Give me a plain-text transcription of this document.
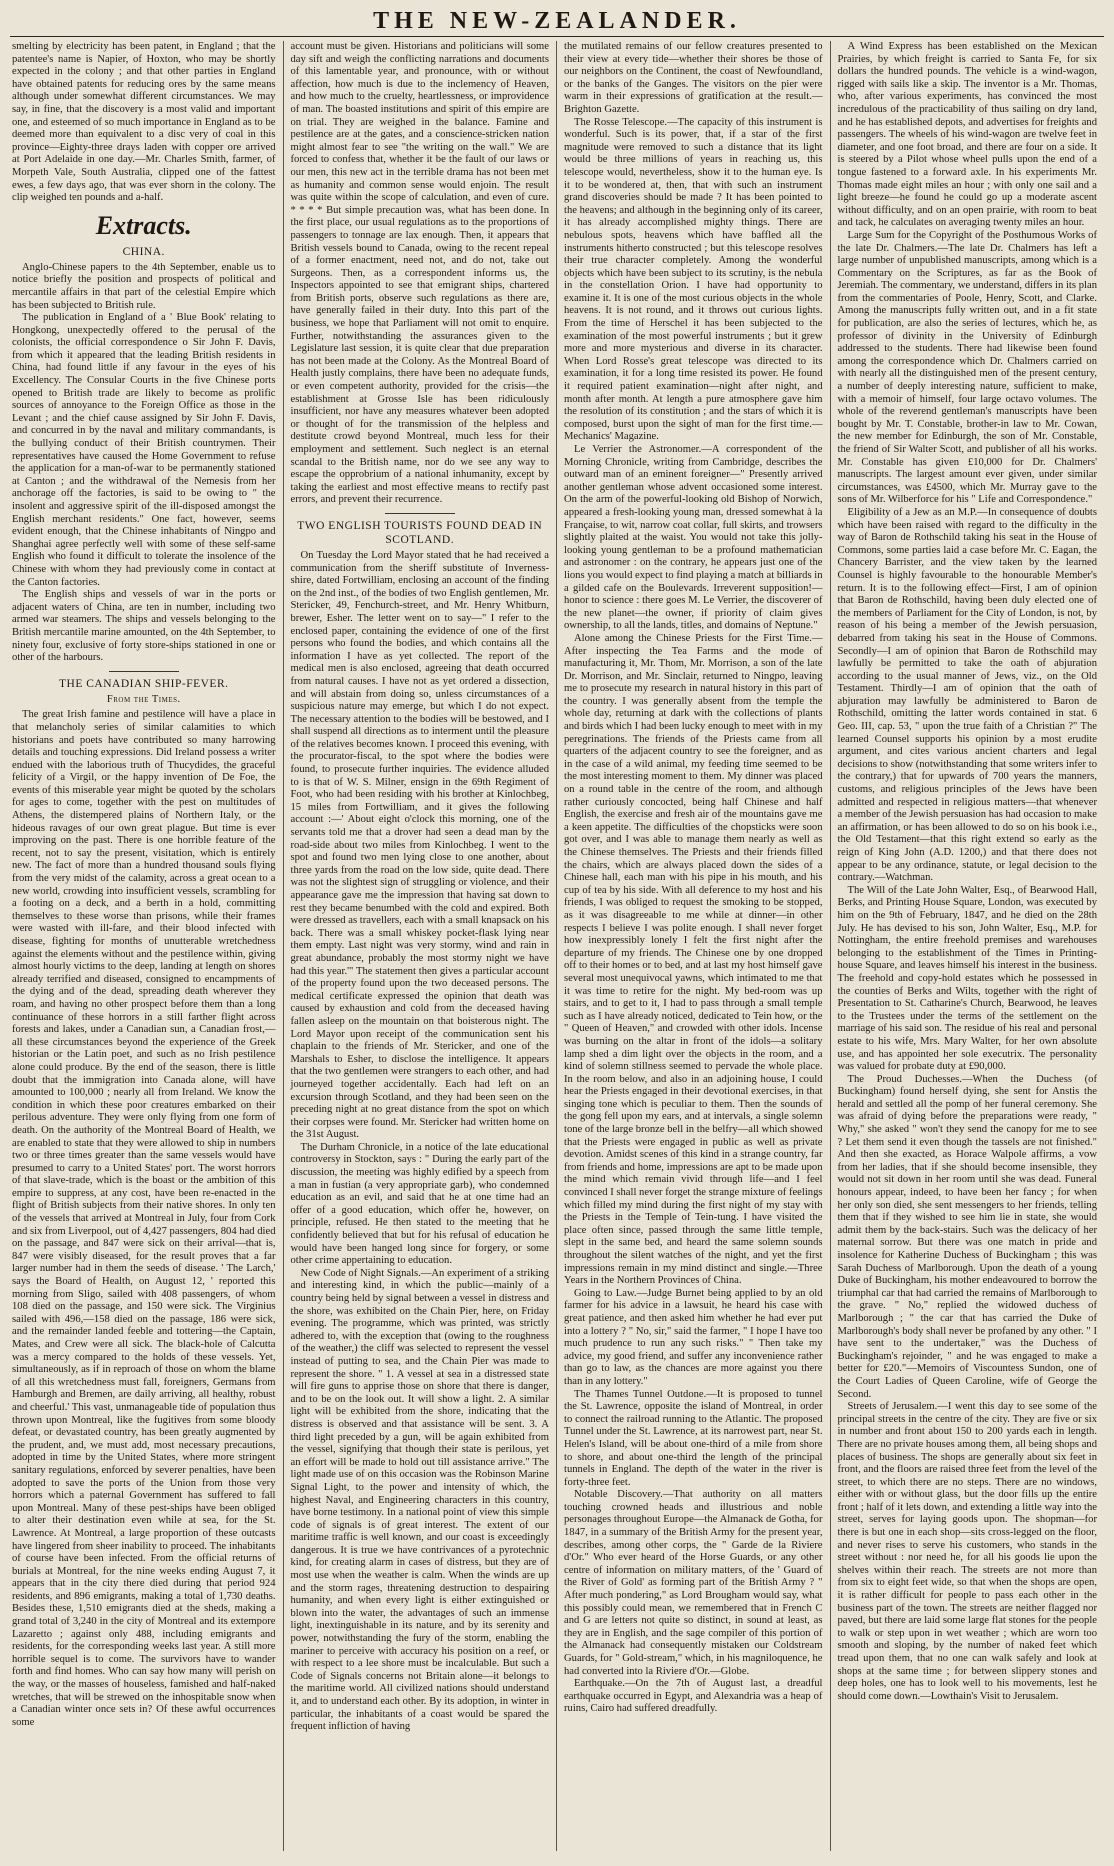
THE NEW-ZEALANDER.

smelting by electricity has been patent, in England ; that the patentee's name is Napier, of Hoxton, who may be shortly expected in the colony ; and that other parties in England have obtained patents for reducing ores by the same means although under somewhat different circumstances. We may say, in fine, that the discovery is a most valid and important one, and esteemed of so much importance in England as to be deemed more than equivalent to a disc very of coal in this province—Eighty-three drays laden with copper ore arrived at Port Adelaide in one day.—Mr. Charles Smith, farmer, of Morpeth Vale, South Australia, clipped one of the fattest ewes, a few days ago, that was ever shorn in the colony. The clip weighed ten pounds and a-half.

Extracts.
CHINA.

Anglo-Chinese papers to the 4th September, enable us to notice briefly the position and prospects of political and mercantile affairs in that part of the celestial Empire which has been subjected to British rule.

The publication in England of a ' Blue Book' relating to Hongkong, unexpectedly offered to the perusal of the colonists, the official correspondence o Sir John F. Davis, from which it appeared that the leading British residents in China, had found little if any favour in the eyes of his Excellency. The Consular Courts in the five Chinese ports opened to British trade are likely to become as prolific sources of annoyance to the Foreign Office as those in the Levant ; and the chief cause assigned by Sir John F. Davis, and concurred in by the naval and military commandants, is the bullying conduct of their British countrymen. Their representatives have caused the Home Government to refuse the application for a man-of-war to be permanently stationed at Canton ; and the withdrawal of the Nemesis from her anchorage off the factories, is said to be owing to " the insolent and aggressive spirit of the ill-disposed amongst the English merchant residents." One fact, however, seems evident enough, that the Chinese inhabitants of Ningpo and Shanghai agree perfectly well with some of these self-same English who found it difficult to tolerate the insolence of the Chinese with whom they had previously come in contact at the Canton factories.

The English ships and vessels of war in the ports or adjacent waters of China, are ten in number, including two armed war steamers. The ships and vessels belonging to the British mercantile marine amounted, on the 4th September, to ninety four, exclusive of forty store-ships stationed in one or other of the harbours.

THE CANADIAN SHIP-FEVER.
From the Times.

The great Irish famine and pestilence will have a place in that melancholy series of similar calamities to which historians and poets have contributed so many harrowing details and touching expressions. Did Ireland possess a writer endued with the laborious truth of Thucydides, the graceful felicity of a Virgil, or the happy invention of De Foe, the events of this miserable year might be quoted by the scholars for ages to come, together with the pest on multitudes of Athens, the distempered plains of Northern Italy, or the hideous ravages of our own great plague. But time is ever improving on the past. There is one horrible feature of the recent, not to say the present, visitation, which is entirely new. The fact of more than a hundred thousand souls flying from the very midst of the calamity, across a great ocean to a new world, crowding into insufficient vessels, scrambling for a footing on a deck, and a berth in a hold, committing themselves to these worse than prisons, while their frames were wasted with ill-fare, and their blood infected with disease, fighting for months of unutterable wretchedness against the elements without and the pestilence within, giving almost hourly victims to the deep, landing at length on shores already terrified and diseased, consigned to encampments of the dying and of the dead, spreading death wherever they roam, and having no other prospect before them than a long continuance of these horrors in a still farther flight across forests and lakes, under a Canadian sun, a Canadian frost,—all these circumstances beyond the experience of the Greek historian or the Latin poet, and such as no Irish pestilence alone could produce. By the end of the season, there is little doubt that the immigration into Canada alone, will have amounted to 100,000 ; nearly all from Ireland. We know the condition in which these poor creatures embarked on their perilous adventure. They were only flying from one form of death. On the authority of the Montreal Board of Health, we are enabled to state that they were allowed to ship in numbers two or three times greater than the same vessels would have presumed to carry to a United States' port. The worst horrors of that slave-trade, which is the boast or the ambition of this empire to suppress, at any cost, have been re-enacted in the flight of British subjects from their native shores. In only ten of the vessels that arrived at Montreal in July, four from Cork and six from Liverpool, out of 4,427 passengers, 804 had died on the passage, and 847 were sick on their arrival—that is, 847 were visibly diseased, for the result proves that a far larger number had in them the seeds of disease. ' The Larch,' says the Board of Health, on August 12, ' reported this morning from Sligo, sailed with 408 passengers, of whom 108 died on the passage, and 150 were sick. The Virginius sailed with 496,—158 died on the passage, 186 were sick, and the remainder landed feeble and tottering—the Captain, Mates, and Crew were all sick. The black-hole of Calcutta was a mercy compared to the holds of these vessels. Yet, simultaneously, as if in reproach of those on whom the blame of all this wretchedness must fall, foreigners, Germans from Hamburgh and Bremen, are daily arriving, all healthy, robust and cheerful.' This vast, unmanageable tide of population thus thrown upon Montreal, like the fugitives from some bloody defeat, or devastated country, has been greatly augmented by the prudent, and, we must add, most necessary precautions, adopted in time by the United States, where more stringent sanitary regulations, enforced by severer penalties, have been adopted to save the ports of the Union from those very horrors which a paternal Government has suffered to fall upon Montreal. Many of these pest-ships have been obliged to alter their destination even while at sea, for the St. Lawrence. At Montreal, a large proportion of these outcasts have lingered from sheer inability to proceed. The inhabitants of course have been infected. From the official returns of burials at Montreal, for the nine weeks ending August 7, it appears that in the city there died during that period 924 residents, and 896 emigrants, making a total of 1,730 deaths. Besides these, 1,510 emigrants died at the sheds, making a grand total of 3,240 in the city of Montreal and its extempore Lazaretto ; against only 488, including emigrants and residents, for the corresponding weeks last year. A still more horrible sequel is to come. The survivors have to wander forth and find homes. Who can say how many will perish on the way, or the masses of houseless, famished and half-naked wretches, that will be strewed on the inhospitable snow when a Canadian winter once sets in? Of these awful occurrences some

account must be given. Historians and politicians will some day sift and weigh the conflicting narrations and documents of this lamentable year, and pronounce, with or without affection, how much is due to the inclemency of Heaven, and how much to the cruelty, heartlessness, or improvidence of man. The boasted institutions and spirit of this empire are on trial. They are weighed in the balance. Famine and pestilence are at the gates, and a conscience-stricken nation might almost fear to see "the writing on the wall." We are forced to confess that, whether it be the fault of our laws or our men, this new act in the terrible drama has not been met as humanity and common sense would enjoin. The result was quite within the scope of calculation, and even of cure. * * * * But simple precaution was, what has been done. In the first place, our usual regulations as to the proportions of passengers to tonnage are lax enough. Then, it appears that British vessels bound to Canada, owing to the recent repeal of a former enactment, need not, and do not, take out Surgeons. Then, as a correspondent informs us, the Inspectors appointed to see that emigrant ships, chartered from British ports, observe such regulations as there are, have generally failed in their duty. Into this part of the business, we hope that Parliament will not omit to enquire. Further, notwithstanding the assurances given to the Legislature last session, it is quite clear that due preparation has not been made at the Colony. As the Montreal Board of Health justly complains, there have been no adequate funds, or even competent authority, provided for the crisis—the establishment at Grosse Isle has been ridiculously insufficient, nor have any measures whatever been adopted or thought of for the transmission of the helpless and destitute crowd beyond Montreal, much less for their employment and settlement. Such neglect is an eternal scandal to the British name, nor do we see any way to escape the opprobrium of a national inhumanity, except by taking the earliest and most effective means to rectify past errors, and prevent their recurrence.

TWO ENGLISH TOURISTS FOUND DEAD IN SCOTLAND.

On Tuesday the Lord Mayor stated that he had received a communication from the sheriff substitute of Inverness-shire, dated Fortwilliam, enclosing an account of the finding on the 2nd inst., of the bodies of two English gentlemen, Mr. Stericker, 49, Fenchurch-street, and Mr. Henry Whitburn, brewer, Esher. The letter went on to say—" I refer to the enclosed paper, containing the evidence of one of the first persons who found the bodies, and which contains all the information I have as yet collected. The report of the medical men is also enclosed, agreeing that death occurred from natural causes. I have not as yet ordered a dissection, and will abstain from doing so, unless circumstances of a suspicious nature may emerge, but which I do not expect. The necessary attention to the bodies will be bestowed, and I shall suspend all directions as to interment until the pleasure of the relatives becomes known. I proceed this evening, with the procurator-fiscal, to the spot where the bodies were found, to prosecute further inquiries. The evidence alluded to is that of W. S. Milner, ensign in the 69th Regiment of Foot, who had been residing with his brother at Kinlochbeg, 15 miles from Fortwilliam, and it gives the following account :—' About eight o'clock this morning, one of the servants told me that a drover had seen a dead man by the road-side about two miles from Kinlochbeg. I went to the spot and found two men lying close to one another, about three yards from the road on the low side, quite dead. There was not the slightest sign of struggling or violence, and their appearance gave me the impression that having sat down to rest they became benumbed with the cold and expired. Both were dressed as travellers, each with a small knapsack on his back. There was a small whiskey pocket-flask lying near them empty. Last night was very stormy, wind and rain in great abundance, probably the most stormy night we have had this year.'" The statement then gives a particular account of the property found upon the two deceased persons. The medical certificate expressed the opinion that death was caused by exhaustion and cold from the deceased having fallen asleep on the mountain on that boisterous night. The Lord Mayor upon receipt of the communication sent his chaplain to the friends of Mr. Stericker, and one of the Marshals to Esher, to disclose the intelligence. It appears that the two gentlemen were strangers to each other, and had journeyed together accidentally. Each had left on an excursion through Scotland, and they had been seen on the preceding night at no great distance from the spot on which their corpses were found. Mr. Stericker had written home on the 31st August.

The Durham Chronicle, in a notice of the late educational controversy in Stockton, says : " During the early part of the discussion, the meeting was highly edified by a speech from a man in fustian (a very appropriate garb), who condemned education as an evil, and said that he at one time had an offer of a good education, which offer he, however, on principle, refused. He then stated to the meeting that he confidently believed that but for his refusal of education he would have been hanged long since for forgery, or some other crime appertaining to education.

New Code of Night Signals.—An experiment of a striking and interesting kind, in which the public—mainly of a country being held by signal between a vessel in distress and the shore, was exhibited on the Chain Pier, here, on Friday evening. The programme, which was printed, was strictly adhered to, with the exception that (owing to the roughness of the weather,) the cliff was selected to represent the vessel instead of putting to sea, and the Chain Pier was made to represent the shore. " 1. A vessel at sea in a distressed state will fire guns to apprise those on shore that there is danger, and to be on the look out. It will show a light. 2. A similar light will be exhibited from the shore, indicating that the distress is observed and that assistance will be sent. 3. A third light preceded by a gun, will be again exhibited from the vessel, signifying that though their state is perilous, yet an effort will be made to hold out till assistance arrive." The light made use of on this occasion was the Robinson Marine Signal Light, to the power and intensity of which, the highest Naval, and Engineering characters in this country, have borne testimony. In a national point of view this simple code of signals is of great interest. The extent of our maritime traffic is well known, and our coast is exceedingly dangerous. It is true we have contrivances of a pyrotechnic kind, for creating alarm in cases of distress, but they are of most use when the weather is calm. When the winds are up and the storm rages, threatening destruction to despairing humanity, and when every light is either extinguished or blown into the water, the advantages of such an immense light, inextinguishable in its nature, and by its serenity and power, notwithstanding the fury of the storm, enabling the mariner to perceive with accuracy his position on a reef, or with respect to a lee shore must be incalculable. But such a Code of Signals concerns not Britain alone—it belongs to the maritime world. All civilized nations should understand it, and to understand each other. By its adoption, in winter in particular, the inhabitants of a coast would be spared the frequent infliction of having

the mutilated remains of our fellow creatures presented to their view at every tide—whether their shores be those of our neighbors on the Continent, the coast of Newfoundland, or the banks of the Ganges. The visitors on the pier were warm in their expressions of gratification at the result.—Brighton Gazette.

The Rosse Telescope.—The capacity of this instrument is wonderful. Such is its power, that, if a star of the first magnitude were removed to such a distance that its light would be three millions of years in reaching us, this telescope would, nevertheless, show it to the human eye. Is it to be wondered at, then, that with such an instrument grand discoveries should be made ? It has been pointed to the heavens; and although in the beginning only of its career, it has already accomplished mighty things. There are nebulous spots, heavens which have baffled all the instruments hitherto constructed ; but this telescope resolves their true character completely. Among the wonderful objects which have been subject to its scrutiny, is the nebula in the constellation Orion. I have had opportunity to examine it. It is one of the most curious objects in the whole heavens. It is not round, and it throws out curious lights. From the time of Herschel it has been subjected to the examination of the most powerful instruments ; but it grew more and more mysterious and diverse in its character. When Lord Rosse's great telescope was directed to its examination, it for a long time resisted its power. He found it required patient examination—night after night, and month after month. At length a pure atmosphere gave him the resolution of its constitution ; and the stars of which it is composed, burst upon the sight of man for the first time.—Mechanics' Magazine.

Le Verrier the Astronomer.—A correspondent of the Morning Chronicle, writing from Cambridge, describes the outward man of an eminent foreigner—" Presently arrived another gentleman whose advent occasioned some interest. On the arm of the powerful-looking old Bishop of Norwich, appeared a fresh-looking young man, dressed somewhat à la Française, to wit, narrow coat collar, full skirts, and trowsers slightly plaited at the waist. You would not take this jolly-looking young gentleman to be a profound mathematician and astronomer : on the contrary, he appears just one of the lions you would expect to find playing a match at billiards in a gilded cafe on the Boulevards. Irreverent supposition!—honor to science : there goes M. Le Verrier, the discoverer of the new planet—the owner, if priority of claim gives ownership, to all the lands, titles, and domains of Neptune."

Alone among the Chinese Priests for the First Time.—After inspecting the Tea Farms and the mode of manufacturing it, Mr. Thom, Mr. Morrison, a son of the late Dr. Morrison, and Mr. Sinclair, returned to Ningpo, leaving me to prosecute my research in natural history in this part of the country. I was generally absent from the temple the whole day, returning at dark with the collections of plants and birds which I had been lucky enough to meet with in my peregrinations. The friends of the Priests came from all quarters of the adjacent country to see the foreigner, and as in the case of a wild animal, my feeding time seemed to be the most interesting moment to them. My dinner was placed on a round table in the centre of the room, and although rather curiously concocted, being half Chinese and half English, the exercise and fresh air of the mountains gave me a keen appetite. The difficulties of the chopsticks were soon got over, and I was able to manage them nearly as well as the Chinese themselves. The Priests and their friends filled the chairs, which are always placed down the sides of a Chinese hall, each man with his pipe in his mouth, and his cup of tea by his side. With all deference to my host and his friends, I was obliged to request the smoking to be stopped, as it was disagreeable to me while at dinner—in other respects I believe I was polite enough. I shall never forget how inexpressibly lonely I felt the first night after the departure of my friends. The Chinese one by one dropped off to their homes or to bed, and at last my host himself gave several most unequivocal yawns, which intimated to me that it was time to retire for the night. My bed-room was up stairs, and to get to it, I had to pass through a small temple such as I have already noticed, dedicated to Tein how, or the " Queen of Heaven," and crowded with other idols. Incense was burning on the altar in front of the idols—a solitary lamp shed a dim light over the objects in the room, and a kind of solemn stillness seemed to pervade the whole place. In the room below, and also in an adjoining house, I could hear the Priests engaged in their devotional exercises, in that singing tone which is peculiar to them. Then the sounds of the gong fell upon my ears, and at intervals, a single solemn tone of the large bronze bell in the belfry—all which showed that the Priests were engaged in public as well as private devotion. Amidst scenes of this kind in a strange country, far from friends and home, impressions are apt to be made upon the mind which remain vivid through life—and I feel convinced I shall never forget the strange mixture of feelings which filled my mind during the first night of my stay with the Priests in the Temple of Tein-tung. I have visited the place often since, passed through the same little temple, slept in the same bed, and heard the same solemn sounds throughout the silent watches of the night, and yet the first impressions remain in my mind distinct and single.—Three Years in the Northern Provinces of China.

Going to Law.—Judge Burnet being applied to by an old farmer for his advice in a lawsuit, he heard his case with great patience, and then asked him whether he had ever put into a lottery ? " No, sir," said the farmer, " I hope I have too much prudence to run any such risks." " Then take my advice, my good friend, and suffer any inconvenience rather than go to law, as the chances are more against you there than in any lottery."

The Thames Tunnel Outdone.—It is proposed to tunnel the St. Lawrence, opposite the island of Montreal, in order to connect the railroad running to the Atlantic. The proposed Tunnel under the St. Lawrence, at its narrowest part, near St. Helen's Island, will be about one-third of a mile from shore to shore, and about one-third the length of the principal tunnels in England. The depth of the water in the river is forty-three feet.

Notable Discovery.—That authority on all matters touching crowned heads and illustrious and noble personages throughout Europe—the Almanack de Gotha, for 1847, in a summary of the British Army for the present year, describes, among other corps, the " Garde de la Riviere d'Or." Who ever heard of the Horse Guards, or any other centre of information on military matters, of the ' Guard of the River of Gold' as forming part of the British Army ? " After much pondering," as Lord Brougham would say, what this possibly could mean, we remembered that in French C and G are letters not quite so distinct, in sound at least, as they are in English, and the sage compiler of this portion of the Almanack had consequently mistaken our Coldstream Guards, for " Gold-stream," which, in his magniloquence, he had converted into la Riviere d'Or.—Globe.

Earthquake.—On the 7th of August last, a dreadful earthquake occurred in Egypt, and Alexandria was a heap of ruins, Cairo had suffered dreadfully.

A Wind Express has been established on the Mexican Prairies, by which freight is carried to Santa Fe, for six dollars the hundred pounds. The vehicle is a wind-wagon, rigged with sails like a skip. The inventor is a Mr. Thomas, who, after various experiments, has convinced the most incredulous of the practicability of thus sailing on dry land, and he has established depots, and advertises for freights and passengers. The wheels of his wind-wagon are twelve feet in diameter, and one foot broad, and there are four on a side. It is steered by a Pilot whose wheel pulls upon the end of a tongue fastened to a forward axle. In his experiments Mr. Thomas made eight miles an hour ; with only one sail and a light breeze—he found he could go up a moderate ascent without difficulty, and on an open prairie, with room to beat and tack, he calculates on averaging twenty miles an hour.

Large Sum for the Copyright of the Posthumous Works of the late Dr. Chalmers.—The late Dr. Chalmers has left a large number of unpublished manuscripts, among which is a Commentary on the Scriptures, as far as the Book of Jeremiah. The commentary, we understand, differs in its plan from the commentaries of Poole, Henry, Scott, and Clarke. Among the manuscripts fully written out, and in a fit state for publication, are also the series of lectures, which he, as professor of divinity in the University of Edinburgh addressed to the students. There had likewise been found among the correspondence which Dr. Chalmers carried on with nearly all the distinguished men of the present century, a number of deeply interesting nature, sufficient to make, with a memoir of himself, four large octavo volumes. The whole of the reverend gentleman's manuscripts have been bought by Mr. T. Constable, brother-in law to Mr. Cowan, the new member for Edinburgh, the son of Mr. Constable, the friend of Sir Walter Scott, and publisher of all his works. Mr. Constable has given £10,000 for Dr. Chalmers' manuscripts. The largest amount ever given, under similar circumstances, was £4500, which Mr. Murray gave to the sons of Mr. Wilberforce for his " Life and Correspondence."

Eligibility of a Jew as an M.P.—In consequence of doubts which have been raised with regard to the difficulty in the way of Baron de Rothschild taking his seat in the House of Commons, some parties laid a case before Mr. C. Eagan, the Chancery Barrister, and the view taken by the learned Counsel is highly favourable to the honourable Member's return. It is to the following effect—First, I am of opinion that Baron de Rothschild, having been duly elected one of the members of Parliament for the City of London, is not, by reason of his being a member of the Jewish persuasion, debarred from taking his seat in the House of Commons. Secondly—I am of opinion that Baron de Rothschild may lawfully be permitted to take the oath of abjuration according to the usual manner of Jews, viz., on the Old Testament. Thirdly—I am of opinion that the oath of abjuration may lawfully be administered to Baron de Rothschild, omitting the latter words contained in stat. 6 Geo. III, cap. 53, " upon the true faith of a Christian ?" The learned Counsel supports his opinion by a most erudite argument, and cites various ancient charters and legal decisions to show (notwithstanding that some writers infer to the contrary,) that for upwards of 700 years the manners, customs, and religious principles of the Jews have been admitted and respected in religious matters—that whenever a member of the Jewish persuasion has had occasion to make an affirmation, or has been allowed to do so on his book i.e., the Old Testament—that this right extend so early as the reign of King John (A.D. 1200,) and that there does not appear to be any ordinance, statute, or legal decision to the contrary.—Watchman.

The Will of the Late John Walter, Esq., of Bearwood Hall, Berks, and Printing House Square, London, was executed by him on the 9th of February, 1847, and he died on the 28th July. He has devised to his son, John Walter, Esq., M.P. for Nottingham, the entire freehold premises and warehouses belonging to the establishment of the Times in Printing-house Square, and leaves himself his interest in the business. The freehold and copy-hold estates which he possessed in the counties of Berks and Wilts, together with the right of Presentation to St. Catharine's Church, Bearwood, he leaves to the Trustees under the terms of the settlement on the marriage of his said son. The residue of his real and personal estate to his wife, Mrs. Mary Walter, for her own absolute use, and has appointed her sole executrix. The personality was valued for probate duty at £90,000.

The Proud Duchesses.—When the Duchess (of Buckingham) found herself dying, she sent for Anstis the herald and settled all the pomp of her funeral ceremony. She was afraid of dying before the preparations were ready, " Why," she asked " won't they send the canopy for me to see ? Let them send it even though the tassels are not finished." And then she exacted, as Horace Walpole affirms, a vow from her ladies, that if she should become insensible, they would not sit down in her room until she was dead. Funeral honours appear, indeed, to have been her fancy ; for when her only son died, she sent messengers to her friends, telling them that if they wished to see him lie in state, she would admit them by the back-stairs. Such was the delicacy of her maternal sorrow. But there was one match in pride and insolence for Katherine Duchess of Buckingham ; this was Sarah Duchess of Marlborough. Upon the death of a young Duke of Buckingham, his mother endeavoured to borrow the triumphal car that had carried the remains of Marlborough to the grave. " No," replied the widowed duchess of Marlborough ; " the car that has carried the Duke of Marlborough's body shall never be profaned by any other. " I have sent to the undertaker," was the Duchess of Buckingham's rejoinder, " and he was engaged to make a better for £20."—Memoirs of Viscountess Sundon, one of the Court Ladies of Queen Caroline, wife of George the Second.

Streets of Jerusalem.—I went this day to see some of the principal streets in the centre of the city. They are five or six in number and front about 150 to 200 yards each in length. There are no private houses among them, all being shops and places of business. The shops are generally about six feet in front, and the floors are raised three feet from the level of the street, to which there are no steps. There are no windows, either with or without glass, but the door fills up the entire front ; half of it lets down, and extending a little way into the street, serves for laying goods upon. The shopman—for there is but one in each shop—sits cross-legged on the floor, and never rises to serve his customers, who stands in the street without : nor need he, for all his goods lie upon the shelves within their reach. The streets are not more than from six to eight feet wide, so that when the shops are open, it is rather difficult for people to pass each other in the business part of the town. The streets are neither flagged nor paved, but there are laid some large flat stones for the people to walk or step upon in wet weather ; which are worn too smooth and sloping, by the number of naked feet which tread upon them, that no one can walk safely and look at shops at the same time ; for between slippery stones and deep holes, one has to look well to his movements, lest he should come down.—Lowthain's Visit to Jerusalem.
